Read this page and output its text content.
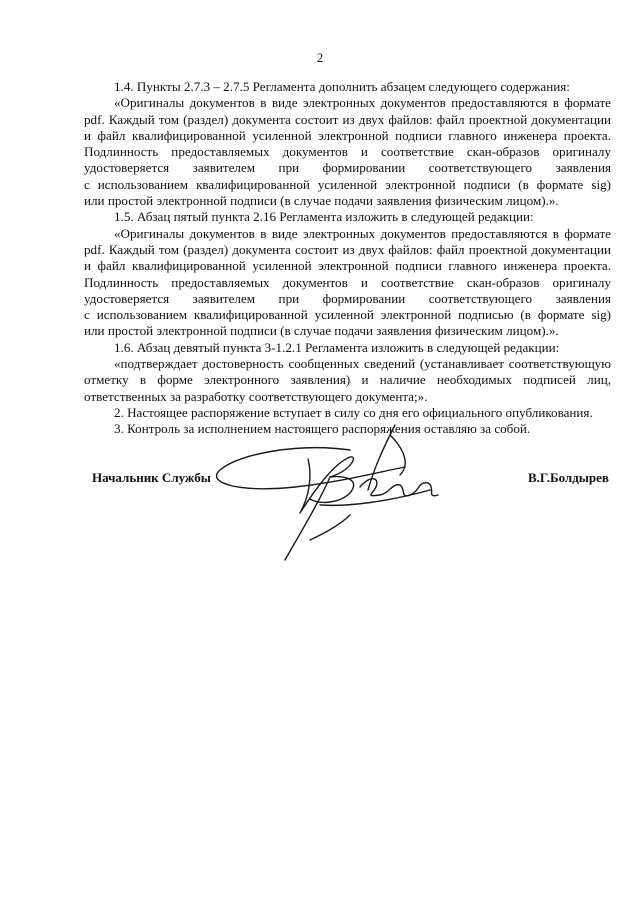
2
1.4. Пункты 2.7.3 – 2.7.5 Регламента дополнить абзацем следующего содержания:
«Оригиналы документов в виде электронных документов предоставляются в формате
pdf. Каждый том (раздел) документа состоит из двух файлов: файл проектной документации
и файл квалифицированной усиленной электронной подписи главного инженера проекта.
Подлинность предоставляемых документов и соответствие скан-образов оригиналу
удостоверяется заявителем при формировании соответствующего заявления
с использованием квалифицированной усиленной электронной подписи (в формате sig)
или простой электронной подписи (в случае подачи заявления физическим лицом).».
1.5. Абзац пятый пункта 2.16 Регламента изложить в следующей редакции:
«Оригиналы документов в виде электронных документов предоставляются в формате
pdf. Каждый том (раздел) документа состоит из двух файлов: файл проектной документации
и файл квалифицированной усиленной электронной подписи главного инженера проекта.
Подлинность предоставляемых документов и соответствие скан-образов оригиналу
удостоверяется заявителем при формировании соответствующего заявления
с использованием квалифицированной усиленной электронной подписью (в формате sig)
или простой электронной подписи (в случае подачи заявления физическим лицом).».
1.6. Абзац девятый пункта 3-1.2.1 Регламента изложить в следующей редакции:
«подтверждает достоверность сообщенных сведений (устанавливает соответствующую
отметку в форме электронного заявления) и наличие необходимых подписей лиц,
ответственных за разработку соответствующего документа;».
2. Настоящее распоряжение вступает в силу со дня его официального опубликования.
3. Контроль за исполнением настоящего распоряжения оставляю за собой.
Начальник Службы	В.Г.Болдырев
